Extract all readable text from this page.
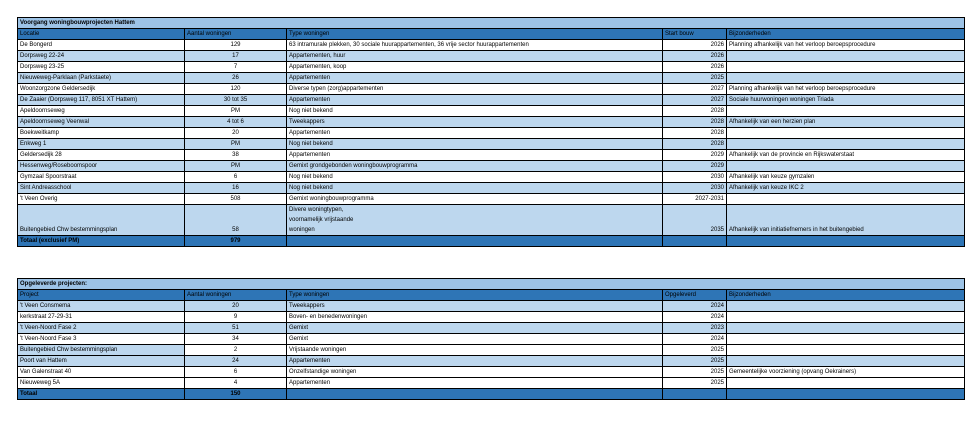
Voorgang woningbouwprojecten Hattem				
Locatie	Aantal woningen	Type woningen	Start bouw	Bijzonderheden
De Bongerd	129	63 intramurale plekken, 30 sociale huurappartementen, 36 vrije sector huurappartementen	2026	Planning afhankelijk van het verloop beroepsprocedure
Dorpsweg 22-24	17	Appartementen, huur	2026	
Dorpsweg 23-25	7	Appartementen, koop	2026	
Nieuweweg-Parklaan (Parkstaete)	26	Appartementen	2025	
Woonzorgzone Geldersedijk	120	Diverse typen (zorg)appartementen	2027	Planning afhankelijk van het verloop beroepsprocedure
De Zaaier (Dorpsweg 117, 8051 XT Hattem)	30 tot 35	Appartementen	2027	Sociale huurwoningen woningen Triada
Apeldoornseweg	PM	Nog niet bekend	2028	
Apeldoornseweg Veenwal	4 tot 6	Tweekappers	2028	Afhankelijk van een herzien plan
Boekweitkamp	20	Appartementen	2028	
Enkweg 1	PM	Nog niet bekend	2028	
Geldersedijk 28	38	Appartementen	2029	Afhankelijk van de provincie en Rijkswaterstaat
Hessenweg/Roseboomspoor	PM	Gemixt grondgebonden woningbouwprogramma	2029	
Gymzaal Spoorstraat	6	Nog niet bekend	2030	Afhankelijk van keuze gymzalen
Sint Andreasschool	16	Nog niet bekend	2030	Afhankelijk van keuze IKC 2
't Veen Overig	508	Gemixt woningbouwprogramma	2027-2031	
Buitengebied Chw bestemmingsplan	58	Divere woningtypen,
voornamelijk vrijstaande
woningen	2035	Afhankelijk van initiatiefnemers in het buitengebied
Totaal (exclusief PM)	979			
Opgeleverde projecten:				
Project	Aantal woningen	Type woningen	Opgeleverd	Bijzonderheden
't Veen Consmema	20	Tweekappers	2024	
kerkstraat 27-29-31	9	Boven- en benedenwoningen	2024	
't Veen-Noord Fase 2	51	Gemixt	2023	
't Veen-Noord Fase 3	34	Gemixt	2024	
Buitengebied Chw bestemmingsplan	2	Vrijstaande woningen	2025	
Poort van Hattem	24	Appartementen	2025	
Van Galenstraat 40	6	Onzelfstandige woningen	2025	Gemeentelijke voorziening (opvang Oekrainers)
Nieuweweg 5A	4	Appartementen	2025	
Totaal	150			
